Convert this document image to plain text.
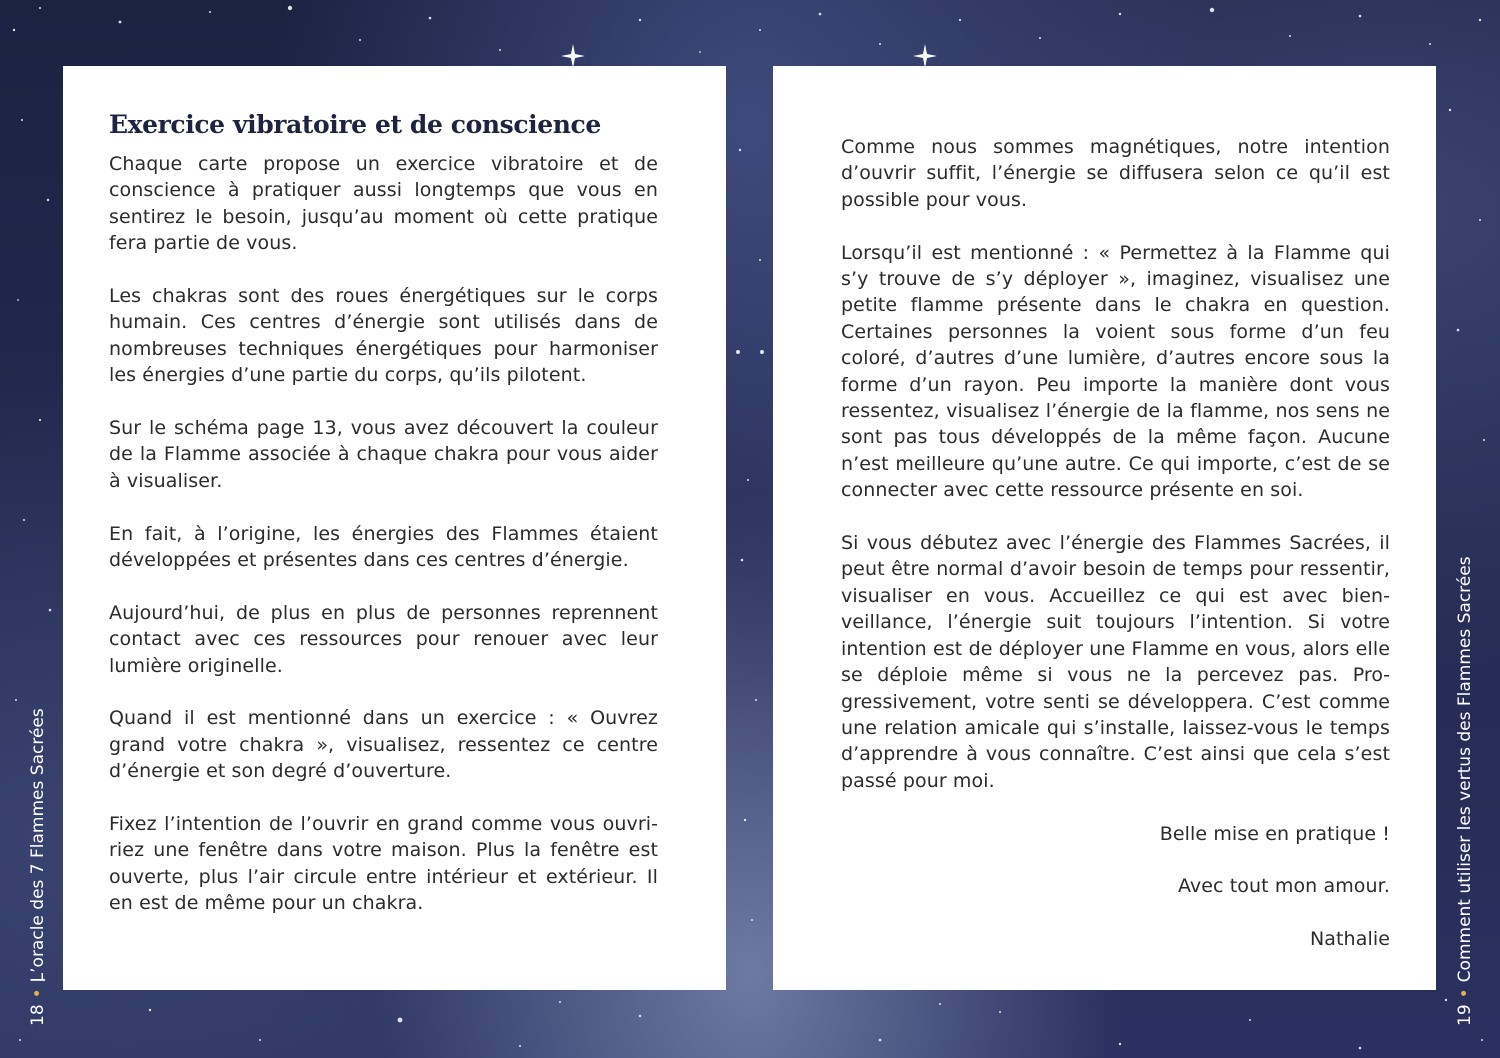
Exercice vibratoire et de conscience

Chaque carte propose un exercice vibratoire et de conscience à pratiquer aussi longtemps que vous en sentirez le besoin, jusqu’au moment où cette pratique fera partie de vous.

Les chakras sont des roues énergétiques sur le corps humain. Ces centres d’énergie sont utilisés dans de nombreuses techniques énergétiques pour harmoniser les énergies d’une partie du corps, qu’ils pilotent.

Sur le schéma page 13, vous avez découvert la couleur de la Flamme associée à chaque chakra pour vous aider à visualiser.

En fait, à l’origine, les énergies des Flammes étaient développées et présentes dans ces centres d’énergie.

Aujourd’hui, de plus en plus de personnes reprennent contact avec ces ressources pour renouer avec leur lumière originelle.

Quand il est mentionné dans un exercice : « Ouvrez grand votre chakra », visualisez, ressentez ce centre d’énergie et son degré d’ouverture.

Fixez l’intention de l’ouvrir en grand comme vous ouvririez une fenêtre dans votre maison. Plus la fenêtre est ouverte, plus l’air circule entre intérieur et extérieur. Il en est de même pour un chakra.

Comme nous sommes magnétiques, notre intention d’ouvrir suffit, l’énergie se diffusera selon ce qu’il est possible pour vous.

Lorsqu’il est mentionné : « Permettez à la Flamme qui s’y trouve de s’y déployer », imaginez, visualisez une petite flamme présente dans le chakra en question. Certaines personnes la voient sous forme d’un feu coloré, d’autres d’une lumière, d’autres encore sous la forme d’un rayon. Peu importe la manière dont vous ressentez, visualisez l’énergie de la flamme, nos sens ne sont pas tous développés de la même façon. Aucune n’est meilleure qu’une autre. Ce qui importe, c’est de se connecter avec cette ressource présente en soi.

Si vous débutez avec l’énergie des Flammes Sacrées, il peut être normal d’avoir besoin de temps pour ressentir, visualiser en vous. Accueillez ce qui est avec bienveillance, l’énergie suit toujours l’intention. Si votre intention est de déployer une Flamme en vous, alors elle se déploie même si vous ne la percevez pas. Progressivement, votre senti se développera. C’est comme une relation amicale qui s’installe, laissez-vous le temps d’apprendre à vous connaître. C’est ainsi que cela s’est passé pour moi.

Belle mise en pratique !

Avec tout mon amour.

Nathalie

18•L’oracle des 7 Flammes Sacrées
19•Comment utiliser les vertus des Flammes Sacrées
